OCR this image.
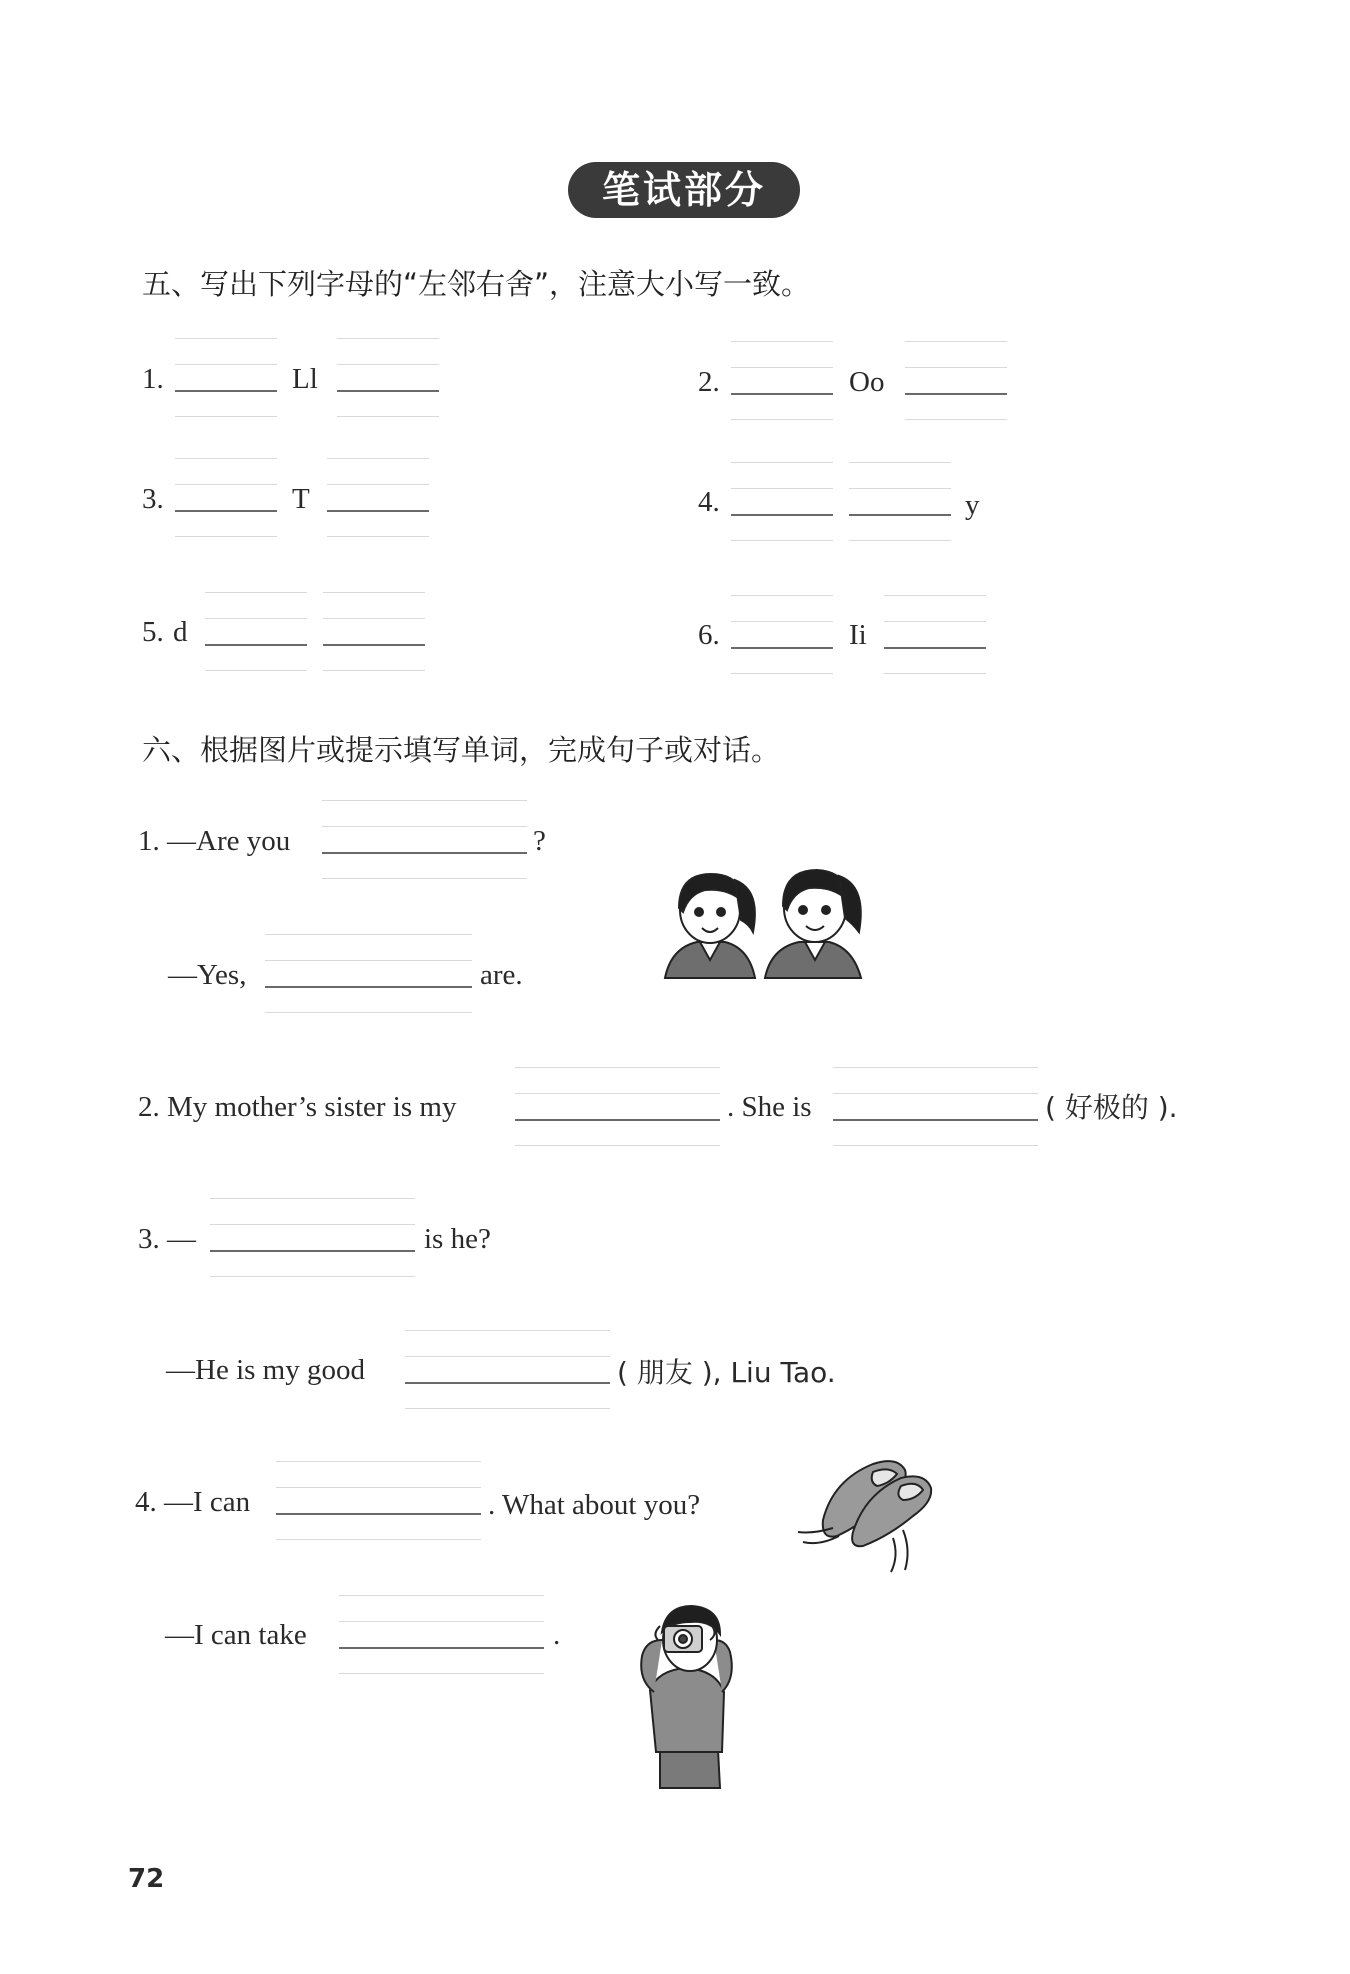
笔试部分
五、写出下列字母的“左邻右舍”，注意大小写一致。
1.	Ll	2.	Oo
3.	T	4.	y
5. d	6.	Ii
六、根据图片或提示填写单词，完成句子或对话。
1. —Are you	?
—Yes,	are.
2. My mother’s sister is my	. She is	( 好极的 ).
3. —	is he?
—He is my good	( 朋友 ), Liu Tao.
4. —I can	. What about you?
—I can take	.
72
